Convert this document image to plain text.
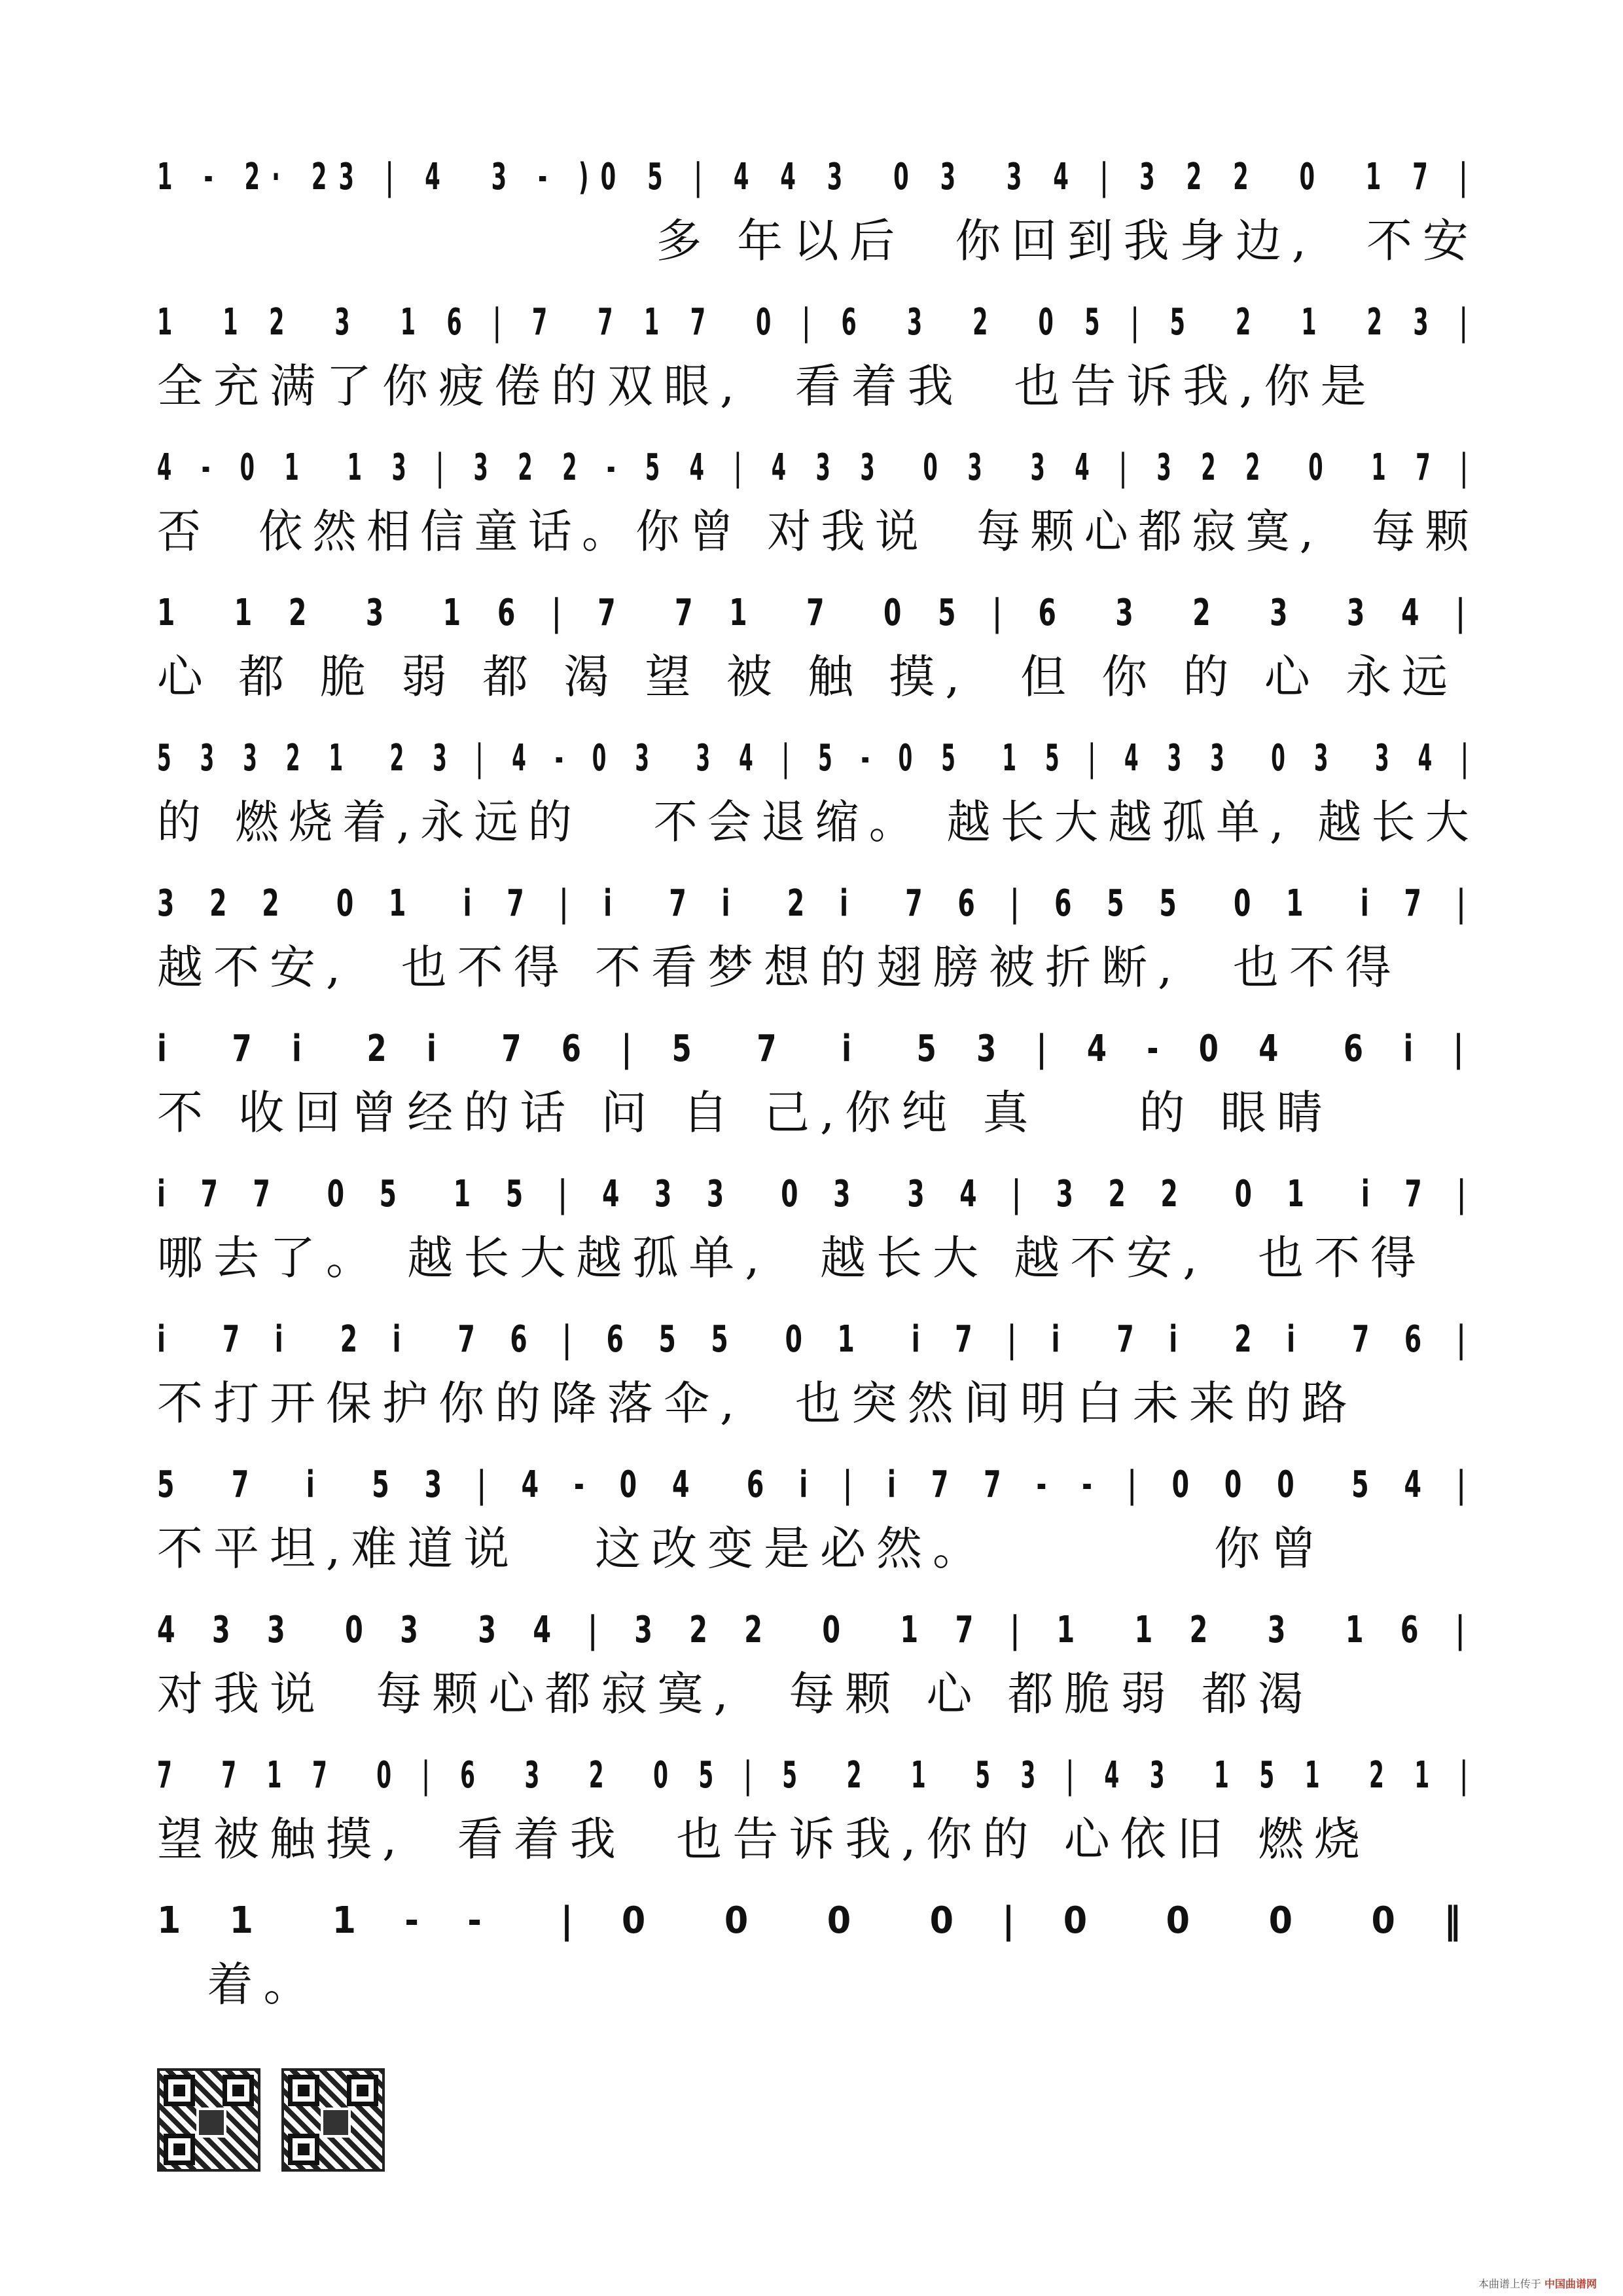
1 - 2· 23 | 4  3 - )0 5 | 4 4 3  0 3  3 4 | 3 2 2  0  1 7 |
多 年以后  你回到我身边,  不安
1  1 2  3  1 6 | 7  7 1 7  0 | 6  3  2  0 5 | 5  2  1  2 3 |
全充满了你疲倦的双眼,  看着我  也告诉我,你是
4 - 0 1  1 3 | 3 2 2 - 5 4 | 4 3 3  0 3  3 4 | 3 2 2  0  1 7 |
否  依然相信童话。你曾 对我说  每颗心都寂寞,  每颗
1  1 2  3  1 6 | 7  7 1  7  0 5 | 6  3  2  3  3 4 |
心 都 脆 弱 都 渴 望 被 触 摸,  但 你 的 心 永远
5 3 3 2 1  2 3 | 4 - 0 3  3 4 | 5 - 0 5  1 5 | 4 3 3  0 3  3 4 |
的 燃烧着,永远的   不会退缩。 越长大越孤单, 越长大
3 2 2  0 1  i 7 | i  7 i  2 i  7 6 | 6 5 5  0 1  i 7 |
越不安,  也不得 不看梦想的翅膀被折断,  也不得
i  7 i  2 i  7 6 | 5  7  i  5 3 | 4 - 0 4  6 i |
不 收回曾经的话 问 自 己,你纯 真    的 眼睛
i 7 7  0 5  1 5 | 4 3 3  0 3  3 4 | 3 2 2  0 1  i 7 |
哪去了。 越长大越孤单,  越长大 越不安,  也不得
i  7 i  2 i  7 6 | 6 5 5  0 1  i 7 | i  7 i  2 i  7 6 |
不打开保护你的降落伞,  也突然间明白未来的路
5  7  i  5 3 | 4 - 0 4  6 i | i 7 7 - - | 0 0 0  5 4 |
不平坦,难道说   这改变是必然。         你曾
4 3 3  0 3  3 4 | 3 2 2  0  1 7 | 1  1 2  3  1 6 |
对我说  每颗心都寂寞,  每颗 心 都脆弱 都渴
7  7 1 7  0 | 6  3  2  0 5 | 5  2  1  5 3 | 4 3  1 5 1  2 1 |
望被触摸,  看着我  也告诉我,你的 心依旧 燃烧
1 1  1 - -  | 0  0  0  0 | 0  0  0  0 ‖
着。
本曲谱上传于 中国曲谱网
